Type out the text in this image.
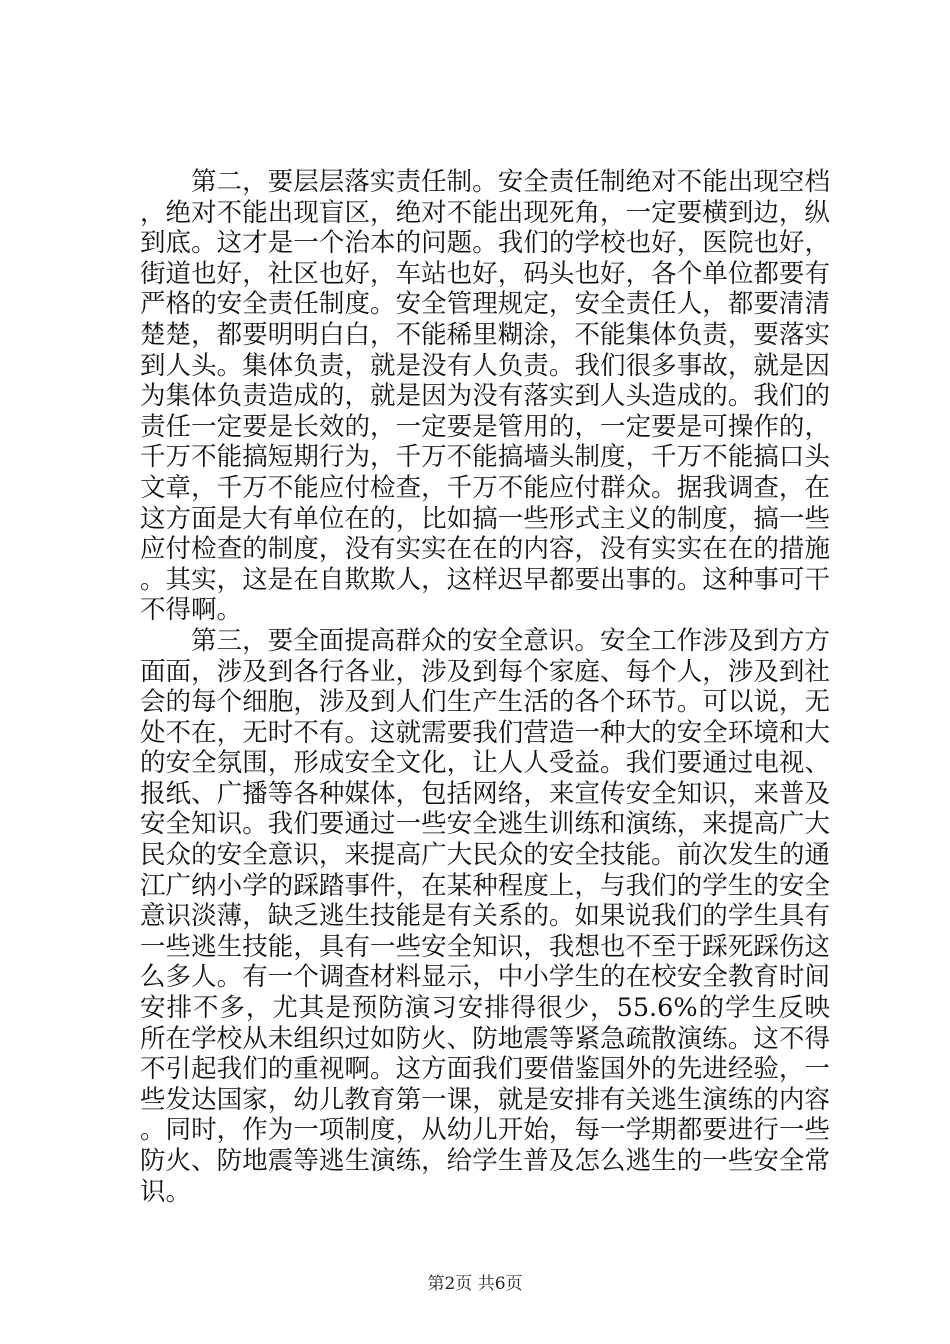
第二，要层层落实责任制。安全责任制绝对不能出现空档，绝对不能出现盲区，绝对不能出现死角，一定要横到边，纵到底。这才是一个治本的问题。我们的学校也好，医院也好，街道也好，社区也好，车站也好，码头也好，各个单位都要有严格的安全责任制度。安全管理规定，安全责任人，都要清清楚楚，都要明明白白，不能稀里糊涂，不能集体负责，要落实到人头。集体负责，就是没有人负责。我们很多事故，就是因为集体负责造成的，就是因为没有落实到人头造成的。我们的责任一定要是长效的，一定要是管用的，一定要是可操作的，千万不能搞短期行为，千万不能搞墙头制度，千万不能搞口头文章，千万不能应付检查，千万不能应付群众。据我调查，在这方面是大有单位在的，比如搞一些形式主义的制度，搞一些应付检查的制度，没有实实在在的内容，没有实实在在的措施。其实，这是在自欺欺人，这样迟早都要出事的。这种事可干不得啊。

第三，要全面提高群众的安全意识。安全工作涉及到方方面面，涉及到各行各业，涉及到每个家庭、每个人，涉及到社会的每个细胞，涉及到人们生产生活的各个环节。可以说，无处不在，无时不有。这就需要我们营造一种大的安全环境和大的安全氛围，形成安全文化，让人人受益。我们要通过电视、报纸、广播等各种媒体，包括网络，来宣传安全知识，来普及安全知识。我们要通过一些安全逃生训练和演练，来提高广大民众的安全意识，来提高广大民众的安全技能。前次发生的通江广纳小学的踩踏事件，在某种程度上，与我们的学生的安全意识淡薄，缺乏逃生技能是有关系的。如果说我们的学生具有一些逃生技能，具有一些安全知识，我想也不至于踩死踩伤这么多人。有一个调查材料显示，中小学生的在校安全教育时间安排不多，尤其是预防演习安排得很少，55.6%的学生反映所在学校从未组织过如防火、防地震等紧急疏散演练。这不得不引起我们的重视啊。这方面我们要借鉴国外的先进经验，一些发达国家，幼儿教育第一课，就是安排有关逃生演练的内容。同时，作为一项制度，从幼儿开始，每一学期都要进行一些防火、防地震等逃生演练，给学生普及怎么逃生的一些安全常识。

第2页 共6页
